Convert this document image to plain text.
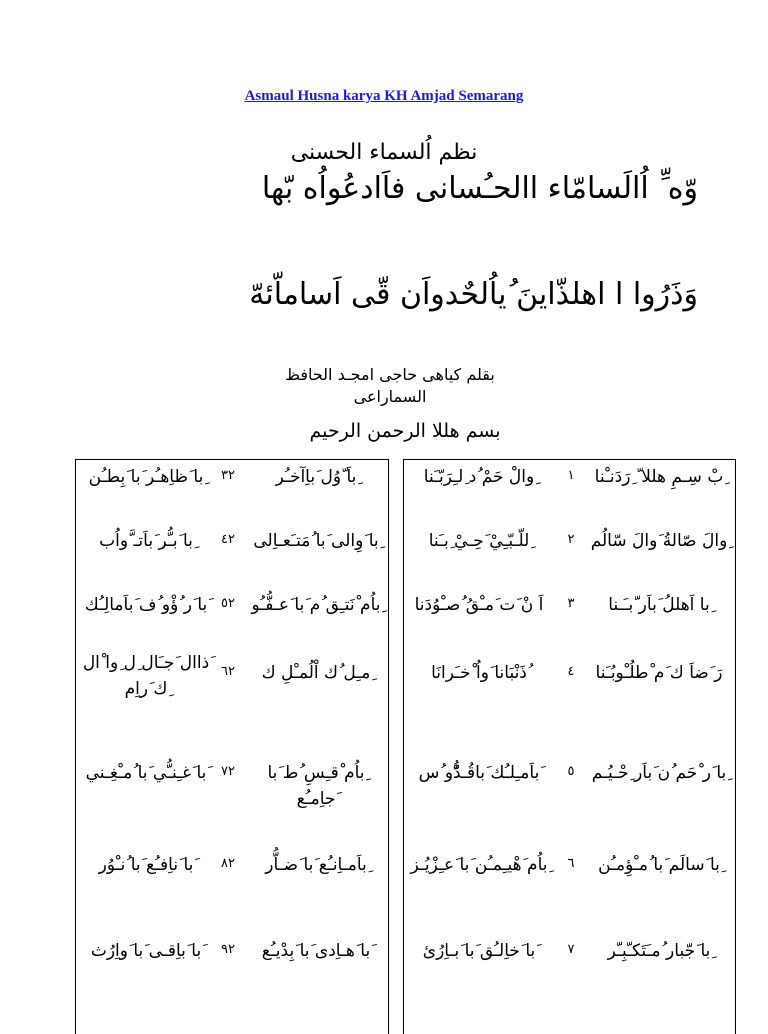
Asmaul Husna karya KH Amjad Semarang
نظم اُلسماء الحسنى
وّه ِّ اُالَسامّاء االحـُسانى فاَادعُواُه بّها
وَذَرُوا ا اهلذّاينَ ُياُلحٌدواَن قّى اَساماّئهّ
بقلم كياهى حاجى امجـد الحافظ
السماراعى
بسم هللا الرحمن الرحيم
ِبْ سِـمِ هللا ّ ِرَدَنـْنا
١
ِوالْ حَمْ ُد ِلـِرَبّـَنا
ِوالَ صّالةُ َوالَ سّالُم
٢
ِللّـبّـِيْ َحِـيْ ِبـَنا
ِبا اَهللُ َباَر ّبـَـنا
٣
اَ نْ َت َمـْقُ ُصـْوُدَنا
رَ َضاَ ك َم ْطلُـْوبُـَنا
٤
ُذَنْبَانا َواُ ْخـَرانَا
ِبا َر ْحَم ُن َباَر ِحْـيُـم
٥
َباَمـِلـُك َباقُـدُّْو ُس
ِبا َسالَم َبا ُمـْؤِمـُن
٦
ِباُم َهْيـِمـُن َبا َعـِزْيُـز
ِبا َجّبار ُمـَتَكـّبِـّر
٧
َبا َخاِلـُق َبا َبـاِرُئ
ِباَ ّوُل َباِآخـُر
٣٢
ِبا َظاِهـُر َبا َبِطـُن
ِبا َوِالى َبا ُمَتـَعـاِلى
٤٢
ِبا َبـُّر َباَتـ َّواُب
ِباُم ْنَتـِق ُم َبا َعـفُّـُو
٥٢
َبا َر ُؤْو ُف َباَمالِـُك
ِمـِل ُك اْلُمـْلِ ك
٦٢
َذاال َجـَال ِل ِوا ْال ِك َراِم
ِباُم ْقـِسِ ُط َبا َجاِمـُع
٧٢
َبا َغـِنـُّي َبا ُمـْغِـني
ِباَمـاِنـُع َبا َضـاُّر
٨٢
َبا َناِفـُع َبا ُنـْوُر
َبا َهـاِدى َبا َبِدْيـُع
٩٢
َبا َباِقـى َبا َواِرُث
